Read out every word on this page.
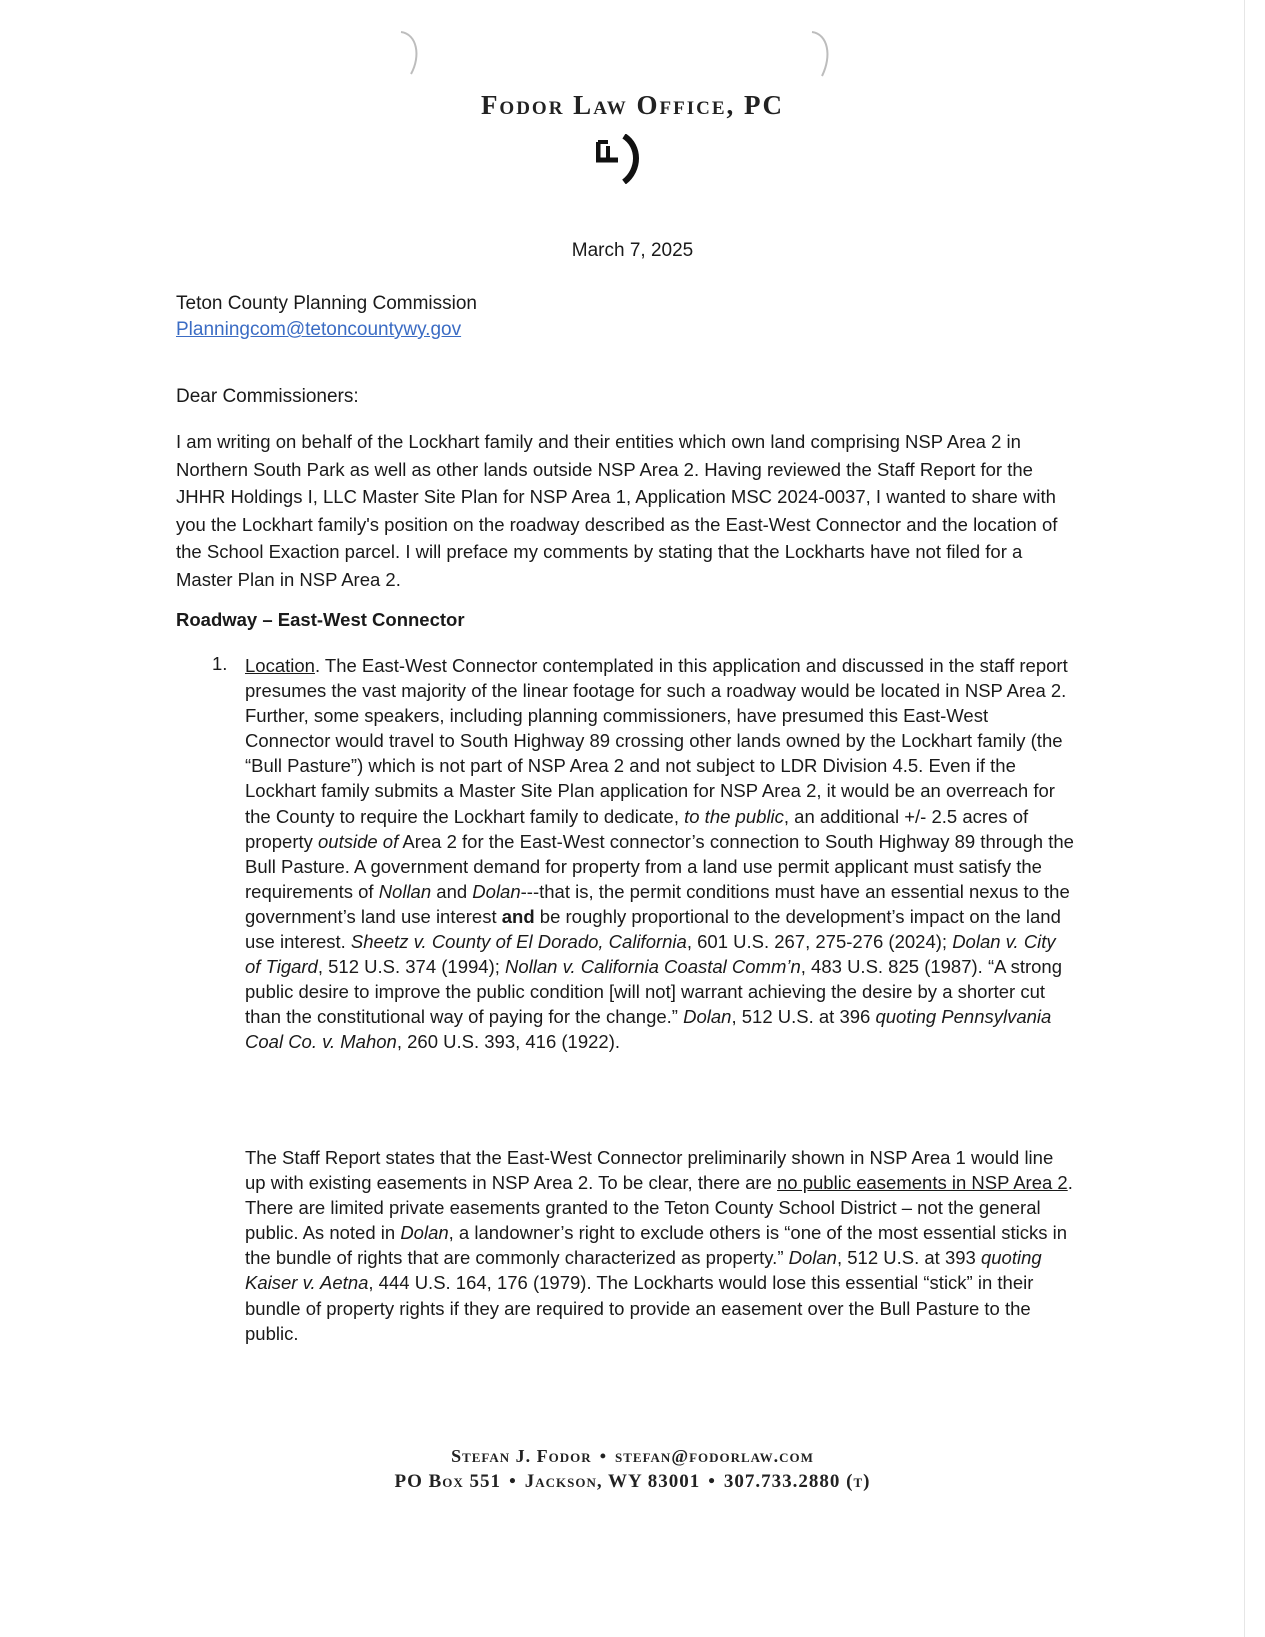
Fodor Law Office, PC
March 7, 2025
Teton County Planning Commission
Planningcom@tetoncountywy.gov
Dear Commissioners:
I am writing on behalf of the Lockhart family and their entities which own land comprising NSP Area 2 in Northern South Park as well as other lands outside NSP Area 2. Having reviewed the Staff Report for the JHHR Holdings I, LLC Master Site Plan for NSP Area 1, Application MSC 2024-0037, I wanted to share with you the Lockhart family's position on the roadway described as the East-West Connector and the location of the School Exaction parcel. I will preface my comments by stating that the Lockharts have not filed for a Master Plan in NSP Area 2.
Roadway – East-West Connector
1. Location. The East-West Connector contemplated in this application and discussed in the staff report presumes the vast majority of the linear footage for such a roadway would be located in NSP Area 2. Further, some speakers, including planning commissioners, have presumed this East-West Connector would travel to South Highway 89 crossing other lands owned by the Lockhart family (the “Bull Pasture”) which is not part of NSP Area 2 and not subject to LDR Division 4.5. Even if the Lockhart family submits a Master Site Plan application for NSP Area 2, it would be an overreach for the County to require the Lockhart family to dedicate, to the public, an additional +/- 2.5 acres of property outside of Area 2 for the East-West connector’s connection to South Highway 89 through the Bull Pasture. A government demand for property from a land use permit applicant must satisfy the requirements of Nollan and Dolan---that is, the permit conditions must have an essential nexus to the government’s land use interest and be roughly proportional to the development’s impact on the land use interest. Sheetz v. County of El Dorado, California, 601 U.S. 267, 275-276 (2024); Dolan v. City of Tigard, 512 U.S. 374 (1994); Nollan v. California Coastal Comm’n, 483 U.S. 825 (1987). “A strong public desire to improve the public condition [will not] warrant achieving the desire by a shorter cut than the constitutional way of paying for the change.” Dolan, 512 U.S. at 396 quoting Pennsylvania Coal Co. v. Mahon, 260 U.S. 393, 416 (1922).
The Staff Report states that the East-West Connector preliminarily shown in NSP Area 1 would line up with existing easements in NSP Area 2. To be clear, there are no public easements in NSP Area 2. There are limited private easements granted to the Teton County School District – not the general public. As noted in Dolan, a landowner’s right to exclude others is “one of the most essential sticks in the bundle of rights that are commonly characterized as property.” Dolan, 512 U.S. at 393 quoting Kaiser v. Aetna, 444 U.S. 164, 176 (1979). The Lockharts would lose this essential “stick” in their bundle of property rights if they are required to provide an easement over the Bull Pasture to the public.
Stefan J. Fodor • stefan@fodorlaw.com
PO Box 551 • Jackson, WY 83001 • 307.733.2880 (t)
